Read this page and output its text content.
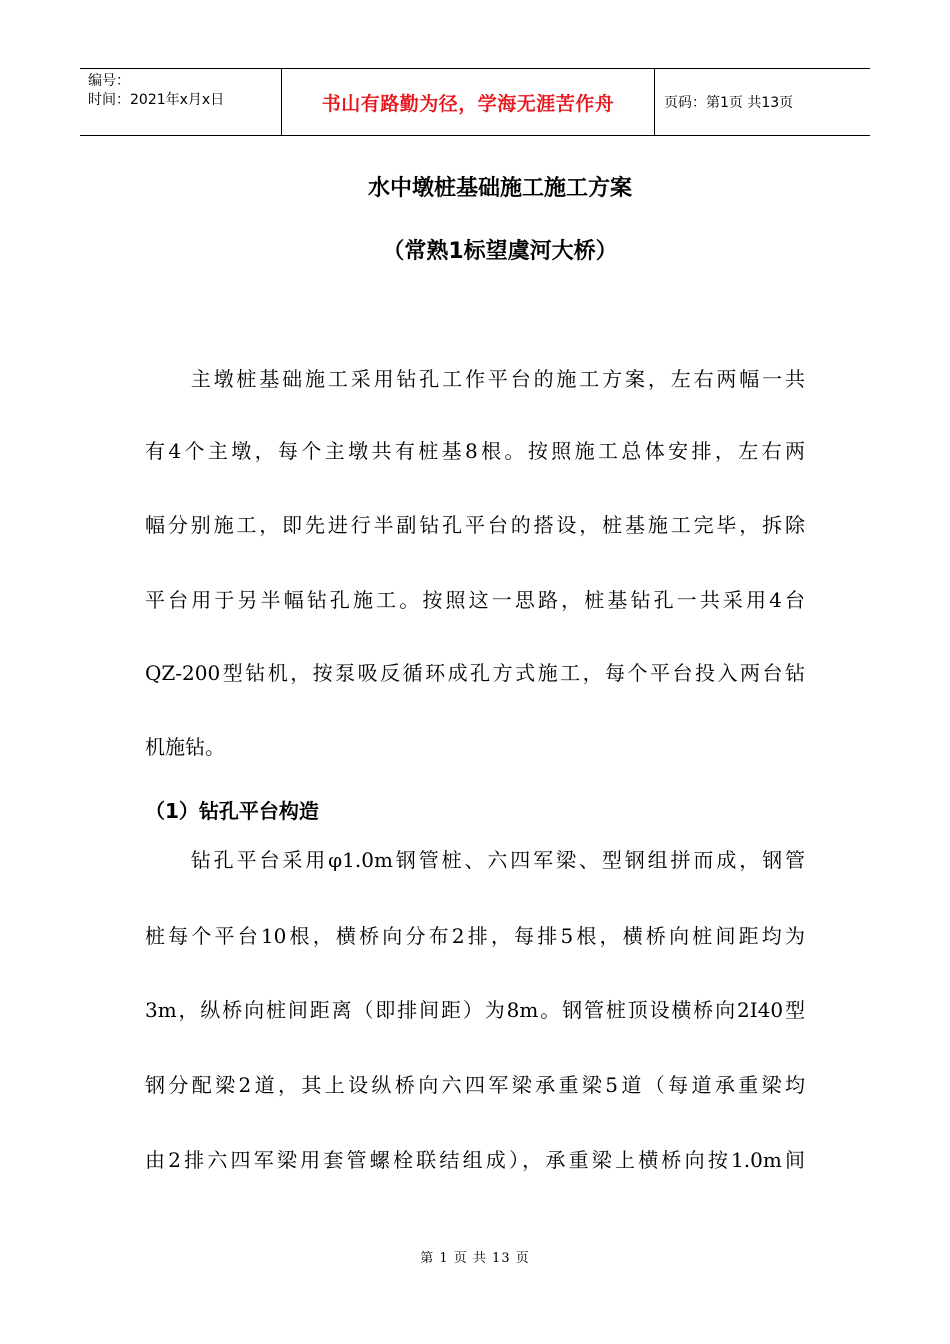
编号：
时间：2021年x月x日	书山有路勤为径，学海无涯苦作舟	页码：第1页 共13页
水中墩桩基础施工施工方案
（常熟1标望虞河大桥）
　　主墩桩基础施工采用钻孔工作平台的施工方案，左右两幅一共
有4个主墩，每个主墩共有桩基8根。按照施工总体安排，左右两
幅分别施工，即先进行半副钻孔平台的搭设，桩基施工完毕，拆除
平台用于另半幅钻孔施工。按照这一思路，桩基钻孔一共采用4台
QZ-200型钻机，按泵吸反循环成孔方式施工，每个平台投入两台钻
机施钻。
（1）钻孔平台构造
　　钻孔平台采用φ1.0m钢管桩、六四军梁、型钢组拼而成，钢管
桩每个平台10根，横桥向分布2排，每排5根，横桥向桩间距均为
3m，纵桥向桩间距离（即排间距）为8m。钢管桩顶设横桥向2I40型
钢分配梁2道，其上设纵桥向六四军梁承重梁5道（每道承重梁均
由2排六四军梁用套管螺栓联结组成），承重梁上横桥向按1.0m间
第 1 页 共 13 页
